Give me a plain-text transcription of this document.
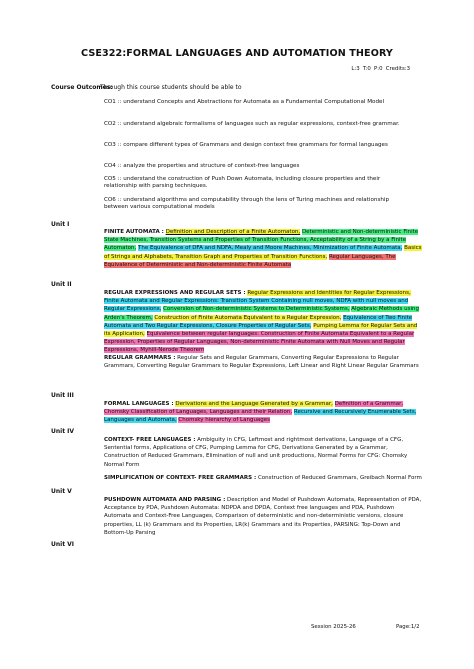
CSE322:FORMAL LANGUAGES AND AUTOMATION THEORY
L:3 T:0 P:0 Credits:3
Course Outcomes:
Through this course students should be able to
CO1 :: understand Concepts and Abstractions for Automata as a Fundamental Computational Model
CO2 :: understand algebraic formalisms of languages such as regular expressions, context-free grammar.
CO3 :: compare different types of Grammars and design context free grammars for formal languages
CO4 :: analyze the properties and structure of context-free languages
CO5 :: understand the construction of Push Down Automata, including closure properties and their relationship with parsing techniques.
CO6 :: understand algorithms and computability through the lens of Turing machines and relationship between various computational models
Unit I
FINITE AUTOMATA : Definition and Description of a Finite Automaton, Deterministic and Non-deterministic Finite State Machines, Transition Systems and Properties of Transition Functions, Acceptability of a String by a Finite Automaton, The Equivalence of DFA and NDFA, Mealy and Moore Machines, Minimization of Finite Automata, Basics of Strings and Alphabets, Transition Graph and Properties of Transition Functions, Regular Languages, The Equivalence of Deterministic and Non-deterministic Finite Automata
Unit II
REGULAR EXPRESSIONS AND REGULAR SETS : Regular Expressions and Identities for Regular Expressions, Finite Automata and Regular Expressions: Transition System Containing null moves, NDFA with null moves and Regular Expressions, Conversion of Non-deterministic Systems to Deterministic Systems, Algebraic Methods using Arden's Theorem, Construction of Finite Automata Equivalent to a Regular Expression, Equivalence of Two Finite Automata and Two Regular Expressions, Closure Properties of Regular Sets, Pumping Lemma for Regular Sets and its Application, Equivalence between regular languages: Construction of Finite Automata Equivalent to a Regular Expression, Properties of Regular Languages, Non-deterministic Finite Automata with Null Moves and Regular Expressions, Myhill-Nerode Theorem
REGULAR GRAMMARS : Regular Sets and Regular Grammars, Converting Regular Expressions to Regular Grammars, Converting Regular Grammars to Regular Expressions, Left Linear and Right Linear Regular Grammars
Unit III
FORMAL LANGUAGES : Derivations and the Language Generated by a Grammar, Definition of a Grammar, Chomsky Classification of Languages, Languages and their Relation, Recursive and Recursively Enumerable Sets, Languages and Automata, Chomsky hierarchy of Languages
Unit IV
CONTEXT- FREE LANGUAGES : Ambiguity in CFG, Leftmost and rightmost derivations, Language of a CFG, Sentential forms, Applications of CFG, Pumping Lemma for CFG, Derivations Generated by a Grammar, Construction of Reduced Grammars, Elimination of null and unit productions, Normal Forms for CFG: Chomsky Normal Form
SIMPLIFICATION OF CONTEXT- FREE GRAMMARS : Construction of Reduced Grammars, Greibach Normal Form
Unit V
PUSHDOWN AUTOMATA AND PARSING : Description and Model of Pushdown Automata, Representation of PDA, Acceptance by PDA, Pushdown Automata: NDPDA and DPDA, Context free languages and PDA, Pushdown Automata and Context-Free Languages, Comparison of deterministic and non-deterministic versions, closure properties, LL (k) Grammars and its Properties, LR(k) Grammars and its Properties, PARSING: Top-Down and Bottom-Up Parsing
Unit VI
Session 2025-26	Page:1/2
